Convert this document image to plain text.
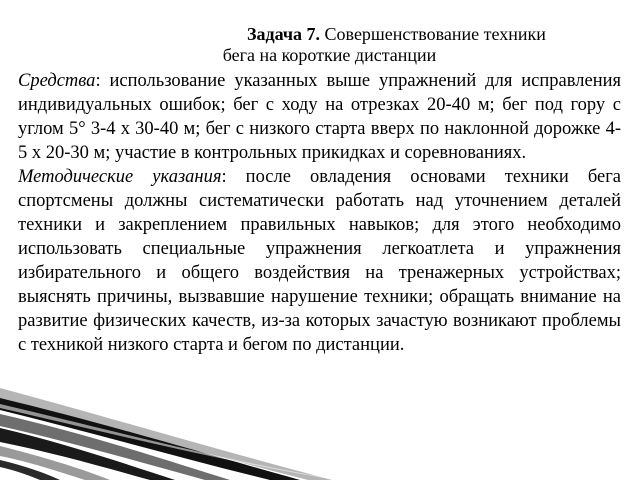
Задача 7. Совершенствование техники
бега на короткие дистанции

Средства: использование указанных выше упражнений для исправления индивидуальных ошибок; бег с ходу на отрезках 20-40 м; бег под гору с углом 5° 3-4 х 30-40 м; бег с низкого старта вверх по наклонной дорожке 4-5 х 20-30 м; участие в контрольных прикидках и соревнованиях.

Методические указания: после овладения основами техники бега спортсмены должны систематически работать над уточнением деталей техники и закреплением правильных навыков; для этого необходимо использовать специальные упражнения легкоатлета и упражнения избирательного и общего воздействия на тренажерных устройствах; выяснять причины, вызвавшие нарушение техники; обращать внимание на развитие физических качеств, из-за которых зачастую возникают проблемы с техникой низкого старта и бегом по дистанции.
